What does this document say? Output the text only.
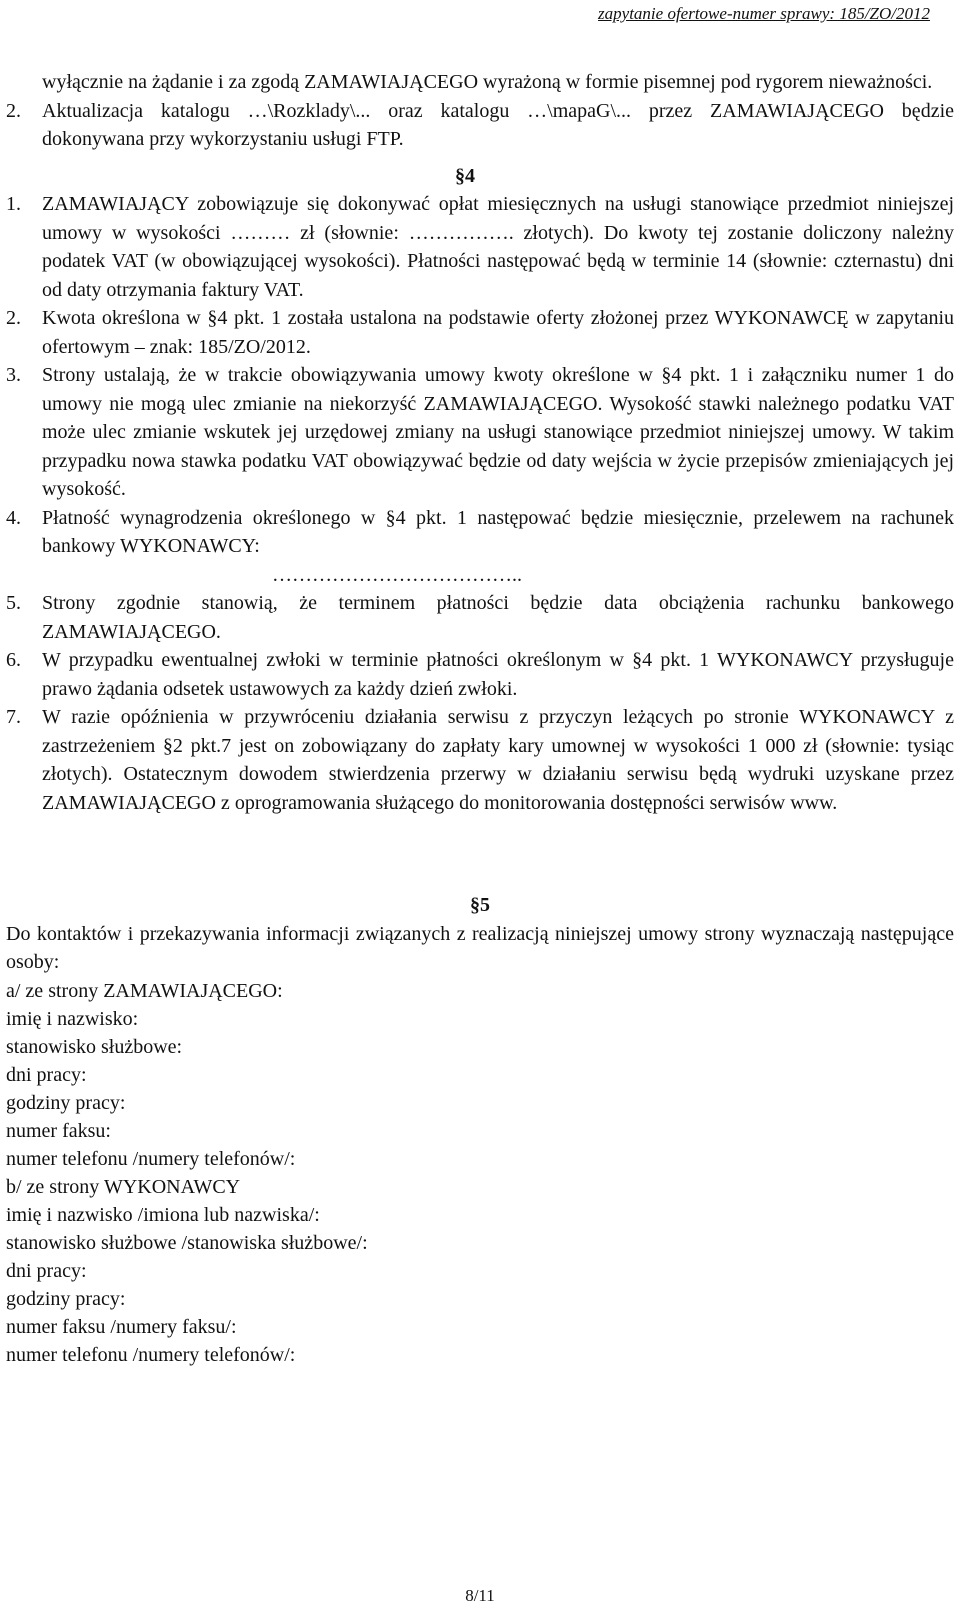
zapytanie ofertowe-numer sprawy: 185/ZO/2012
wyłącznie na żądanie i za zgodą ZAMAWIAJĄCEGO wyrażoną w formie pisemnej pod rygorem nieważności.
2. Aktualizacja katalogu …\Rozklady\... oraz katalogu …\mapaG\... przez ZAMAWIAJĄCEGO będzie dokonywana przy wykorzystaniu usługi FTP.
§4
1. ZAMAWIAJĄCY zobowiązuje się dokonywać opłat miesięcznych na usługi stanowiące przedmiot niniejszej umowy w wysokości ……… zł (słownie: ……………. złotych). Do kwoty tej zostanie doliczony należny podatek VAT (w obowiązującej wysokości). Płatności następować będą w terminie 14 (słownie: czternastu) dni od daty otrzymania faktury VAT.
2. Kwota określona w §4 pkt. 1 została ustalona na podstawie oferty złożonej przez WYKONAWCĘ w zapytaniu ofertowym – znak: 185/ZO/2012.
3. Strony ustalają, że w trakcie obowiązywania umowy kwoty określone w §4 pkt. 1 i załączniku numer 1 do umowy nie mogą ulec zmianie na niekorzyść ZAMAWIAJĄCEGO. Wysokość stawki należnego podatku VAT może ulec zmianie wskutek jej urzędowej zmiany na usługi stanowiące przedmiot niniejszej umowy. W takim przypadku nowa stawka podatku VAT obowiązywać będzie od daty wejścia w życie przepisów zmieniających jej wysokość.
4. Płatność wynagrodzenia określonego w §4 pkt. 1 następować będzie miesięcznie, przelewem na rachunek bankowy WYKONAWCY:
………………………………..
5. Strony zgodnie stanowią, że terminem płatności będzie data obciążenia rachunku bankowego ZAMAWIAJĄCEGO.
6. W przypadku ewentualnej zwłoki w terminie płatności określonym w §4 pkt. 1 WYKONAWCY przysługuje prawo żądania odsetek ustawowych za każdy dzień zwłoki.
7. W razie opóźnienia w przywróceniu działania serwisu z przyczyn leżących po stronie WYKONAWCY z zastrzeżeniem §2 pkt.7 jest on zobowiązany do zapłaty kary umownej w wysokości 1 000 zł (słownie: tysiąc złotych). Ostatecznym dowodem stwierdzenia przerwy w działaniu serwisu będą wydruki uzyskane przez ZAMAWIAJĄCEGO z oprogramowania służącego do monitorowania dostępności serwisów www.
§5
Do kontaktów i przekazywania informacji związanych z realizacją niniejszej umowy strony wyznaczają następujące osoby:
a/ ze strony ZAMAWIAJĄCEGO:
imię i nazwisko:
stanowisko służbowe:
dni pracy:
godziny pracy:
numer faksu:
numer telefonu /numery telefonów/:
b/ ze strony WYKONAWCY
imię i nazwisko /imiona lub nazwiska/:
stanowisko służbowe /stanowiska służbowe/:
dni pracy:
godziny pracy:
numer faksu /numery faksu/:
numer telefonu /numery telefonów/:
8/11
